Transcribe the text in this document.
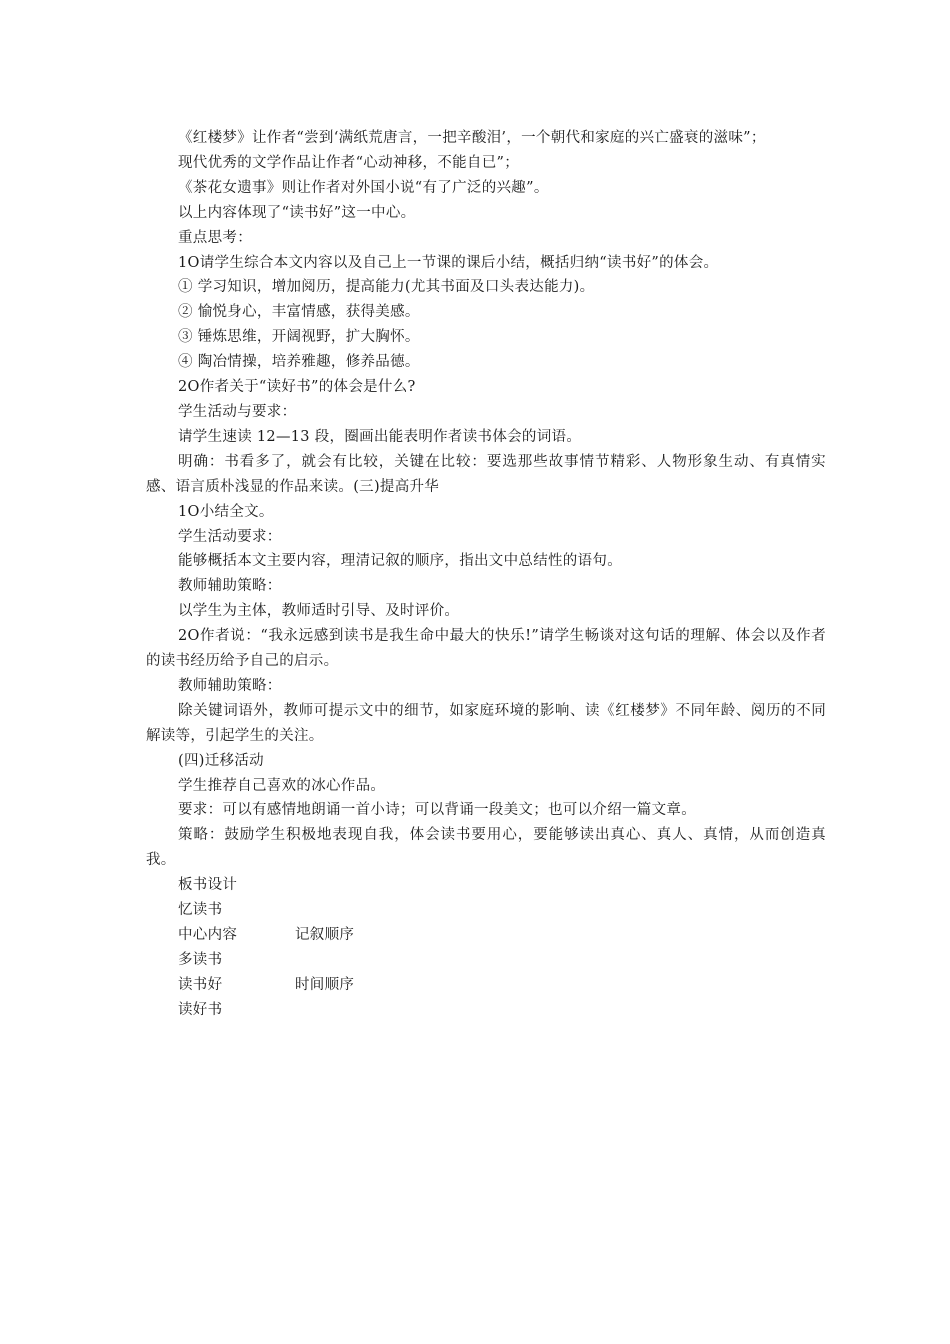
《红楼梦》让作者“尝到‘满纸荒唐言，一把辛酸泪’，一个朝代和家庭的兴亡盛衰的滋味”；

现代优秀的文学作品让作者“心动神移，不能自已”；

《茶花女遗事》则让作者对外国小说“有了广泛的兴趣”。

以上内容体现了“读书好”这一中心。

重点思考：

1O请学生综合本文内容以及自己上一节课的课后小结，概括归纳“读书好”的体会。

① 学习知识，增加阅历，提高能力(尤其书面及口头表达能力)。

② 愉悦身心，丰富情感，获得美感。

③ 锤炼思维，开阔视野，扩大胸怀。

④ 陶冶情操，培养雅趣，修养品德。

2O作者关于“读好书”的体会是什么?

学生活动与要求：

请学生速读 12—13 段，圈画出能表明作者读书体会的词语。

明确：书看多了，就会有比较，关键在比较：要选那些故事情节精彩、人物形象生动、有真情实感、语言质朴浅显的作品来读。(三)提高升华

1O小结全文。

学生活动要求：

能够概括本文主要内容，理清记叙的顺序，指出文中总结性的语句。

教师辅助策略：

以学生为主体，教师适时引导、及时评价。

2O作者说：“我永远感到读书是我生命中最大的快乐!”请学生畅谈对这句话的理解、体会以及作者的读书经历给予自己的启示。

教师辅助策略：

除关键词语外，教师可提示文中的细节，如家庭环境的影响、读《红楼梦》不同年龄、阅历的不同解读等，引起学生的关注。

(四)迁移活动

学生推荐自己喜欢的冰心作品。

要求：可以有感情地朗诵一首小诗；可以背诵一段美文；也可以介绍一篇文章。

策略：鼓励学生积极地表现自我，体会读书要用心，要能够读出真心、真人、真情，从而创造真我。

板书设计

忆读书
中心内容	记叙顺序
多读书
读书好	时间顺序
读好书
